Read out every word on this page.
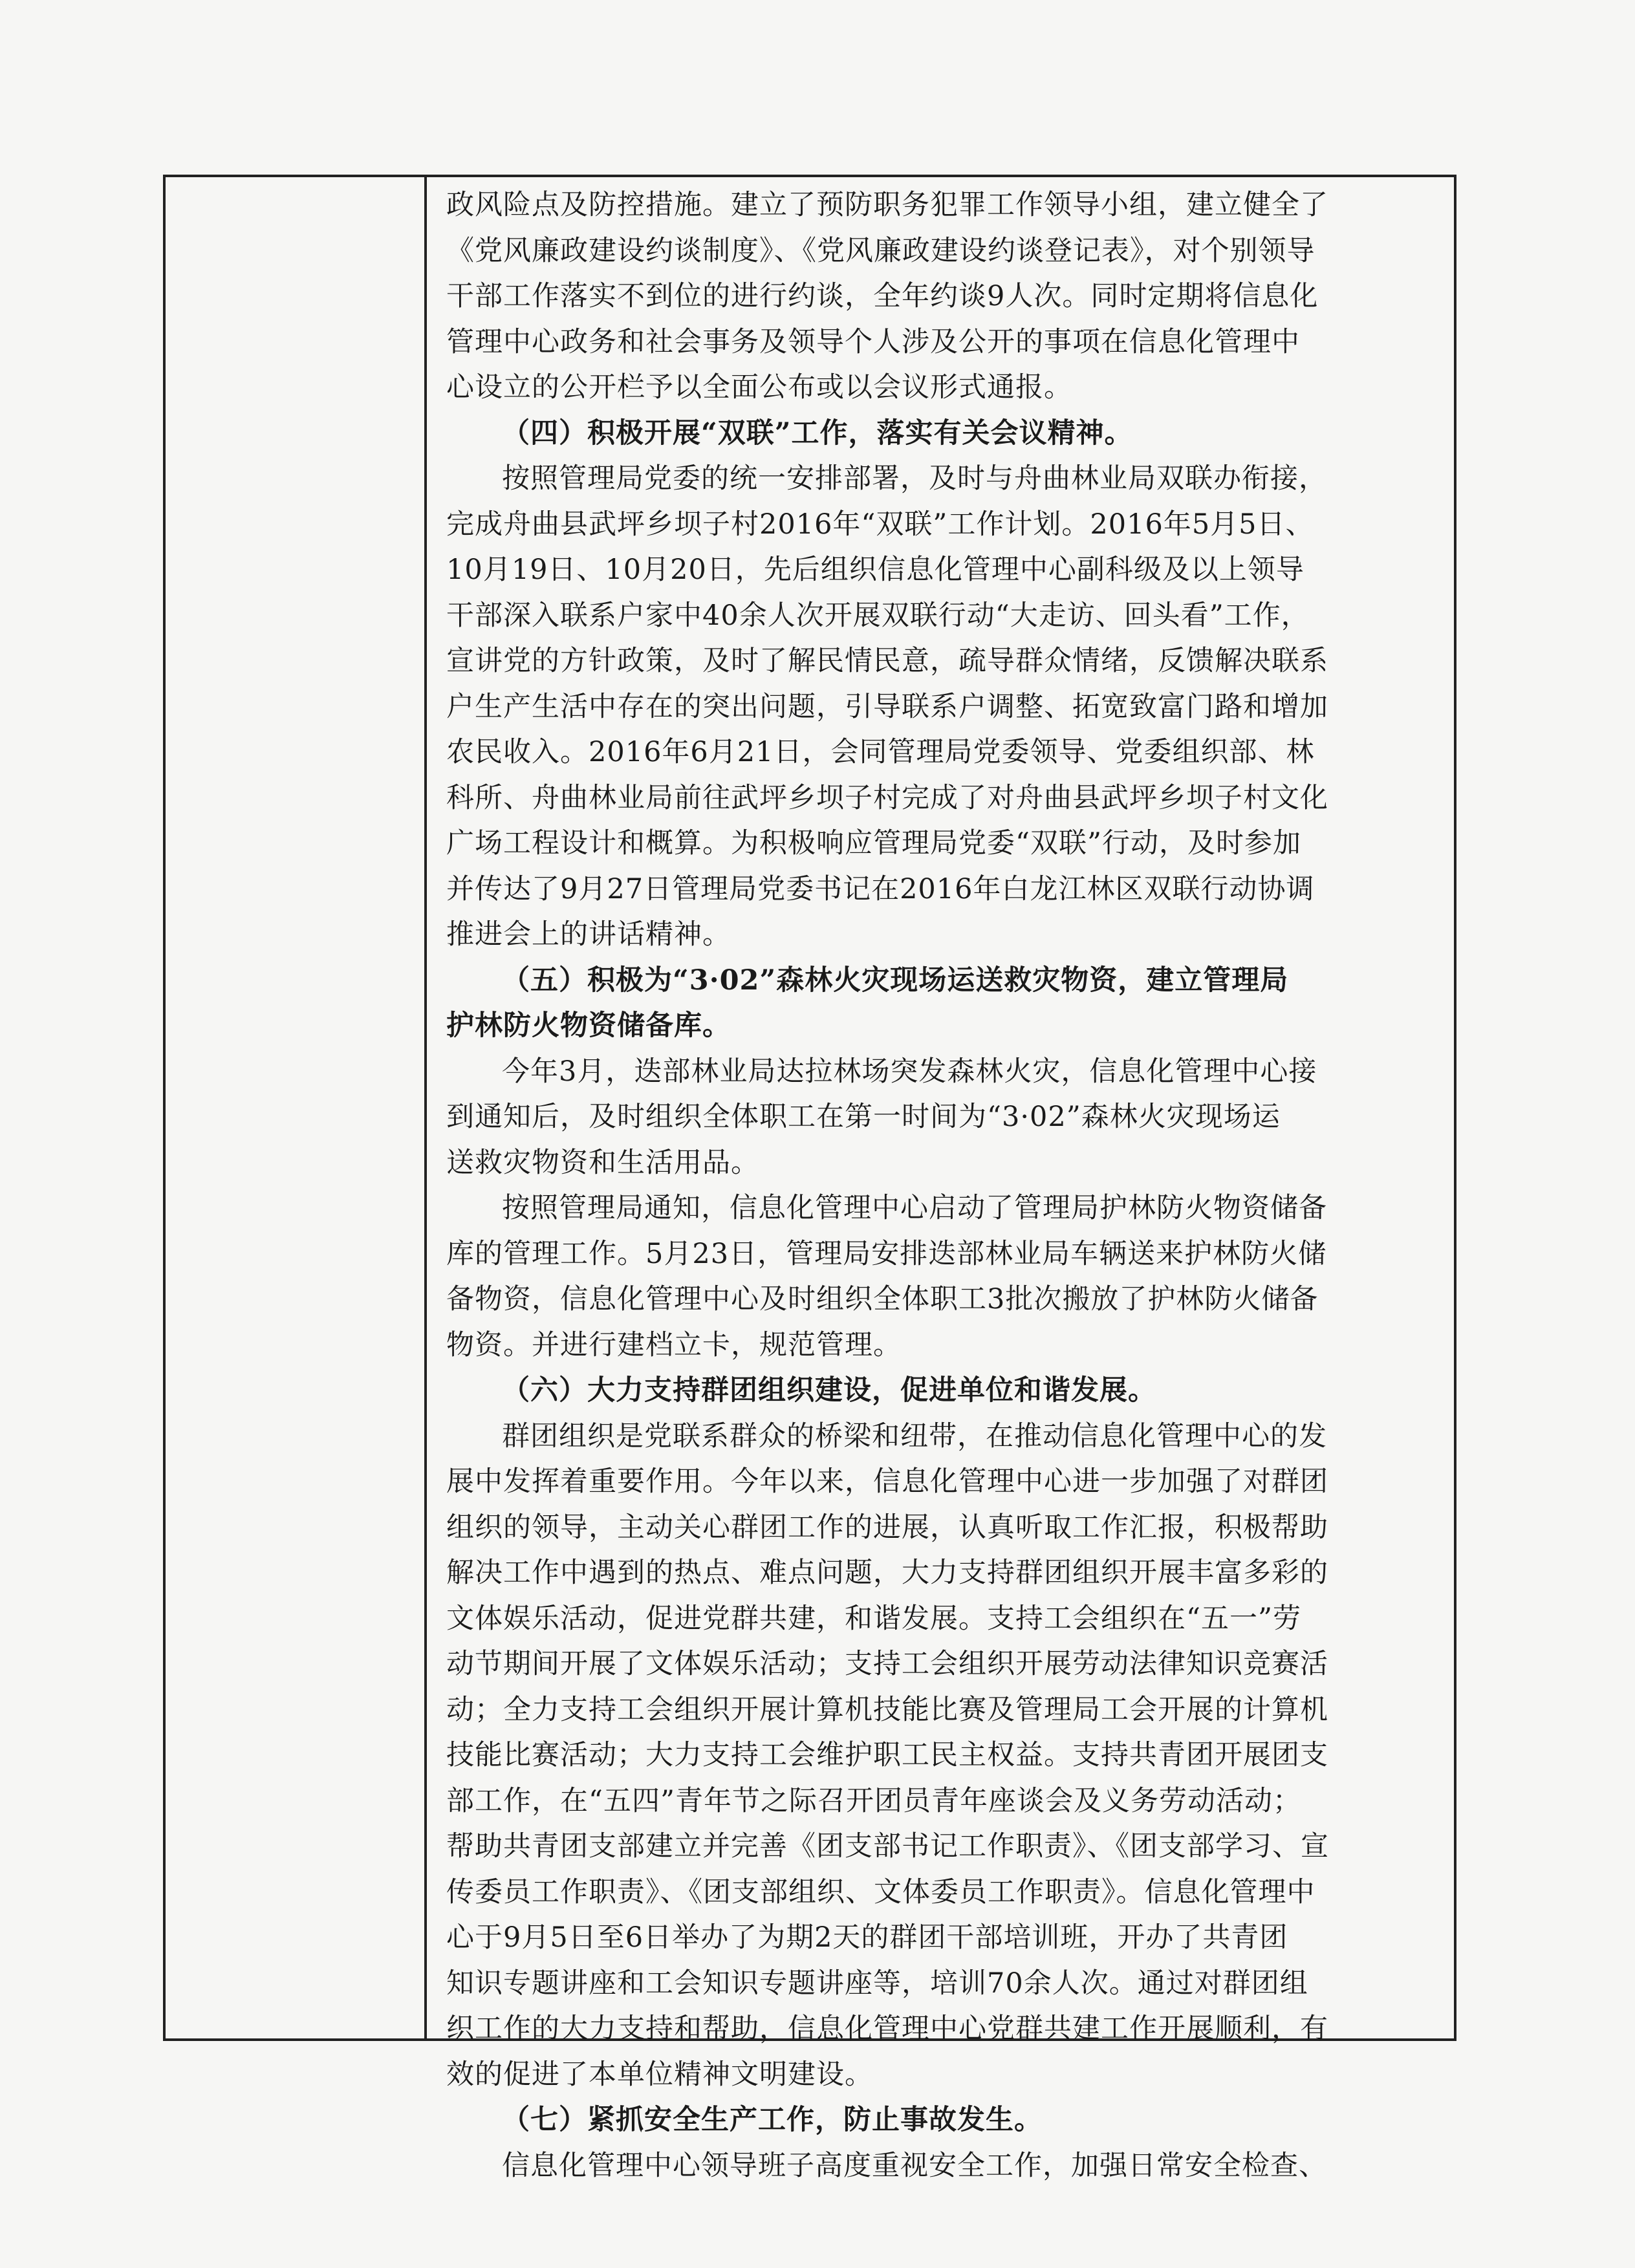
政风险点及防控措施。建立了预防职务犯罪工作领导小组，建立健全了
《党风廉政建设约谈制度》、《党风廉政建设约谈登记表》，对个别领导
干部工作落实不到位的进行约谈，全年约谈9人次。同时定期将信息化
管理中心政务和社会事务及领导个人涉及公开的事项在信息化管理中
心设立的公开栏予以全面公布或以会议形式通报。
（四）积极开展“双联”工作，落实有关会议精神。
按照管理局党委的统一安排部署，及时与舟曲林业局双联办衔接，
完成舟曲县武坪乡坝子村2016年“双联”工作计划。2016年5月5日、
10月19日、10月20日，先后组织信息化管理中心副科级及以上领导
干部深入联系户家中40余人次开展双联行动“大走访、回头看”工作，
宣讲党的方针政策，及时了解民情民意，疏导群众情绪，反馈解决联系
户生产生活中存在的突出问题，引导联系户调整、拓宽致富门路和增加
农民收入。2016年6月21日，会同管理局党委领导、党委组织部、林
科所、舟曲林业局前往武坪乡坝子村完成了对舟曲县武坪乡坝子村文化
广场工程设计和概算。为积极响应管理局党委“双联”行动，及时参加
并传达了9月27日管理局党委书记在2016年白龙江林区双联行动协调
推进会上的讲话精神。
（五）积极为“3·02”森林火灾现场运送救灾物资，建立管理局
护林防火物资储备库。
今年3月，迭部林业局达拉林场突发森林火灾，信息化管理中心接
到通知后，及时组织全体职工在第一时间为“3·02”森林火灾现场运
送救灾物资和生活用品。
按照管理局通知，信息化管理中心启动了管理局护林防火物资储备
库的管理工作。5月23日，管理局安排迭部林业局车辆送来护林防火储
备物资，信息化管理中心及时组织全体职工3批次搬放了护林防火储备
物资。并进行建档立卡，规范管理。
（六）大力支持群团组织建设，促进单位和谐发展。
群团组织是党联系群众的桥梁和纽带，在推动信息化管理中心的发
展中发挥着重要作用。今年以来，信息化管理中心进一步加强了对群团
组织的领导，主动关心群团工作的进展，认真听取工作汇报，积极帮助
解决工作中遇到的热点、难点问题，大力支持群团组织开展丰富多彩的
文体娱乐活动，促进党群共建，和谐发展。支持工会组织在“五一”劳
动节期间开展了文体娱乐活动；支持工会组织开展劳动法律知识竞赛活
动；全力支持工会组织开展计算机技能比赛及管理局工会开展的计算机
技能比赛活动；大力支持工会维护职工民主权益。支持共青团开展团支
部工作，在“五四”青年节之际召开团员青年座谈会及义务劳动活动；
帮助共青团支部建立并完善《团支部书记工作职责》、《团支部学习、宣
传委员工作职责》、《团支部组织、文体委员工作职责》。信息化管理中
心于9月5日至6日举办了为期2天的群团干部培训班，开办了共青团
知识专题讲座和工会知识专题讲座等，培训70余人次。通过对群团组
织工作的大力支持和帮助，信息化管理中心党群共建工作开展顺利，有
效的促进了本单位精神文明建设。
（七）紧抓安全生产工作，防止事故发生。
信息化管理中心领导班子高度重视安全工作，加强日常安全检查、
